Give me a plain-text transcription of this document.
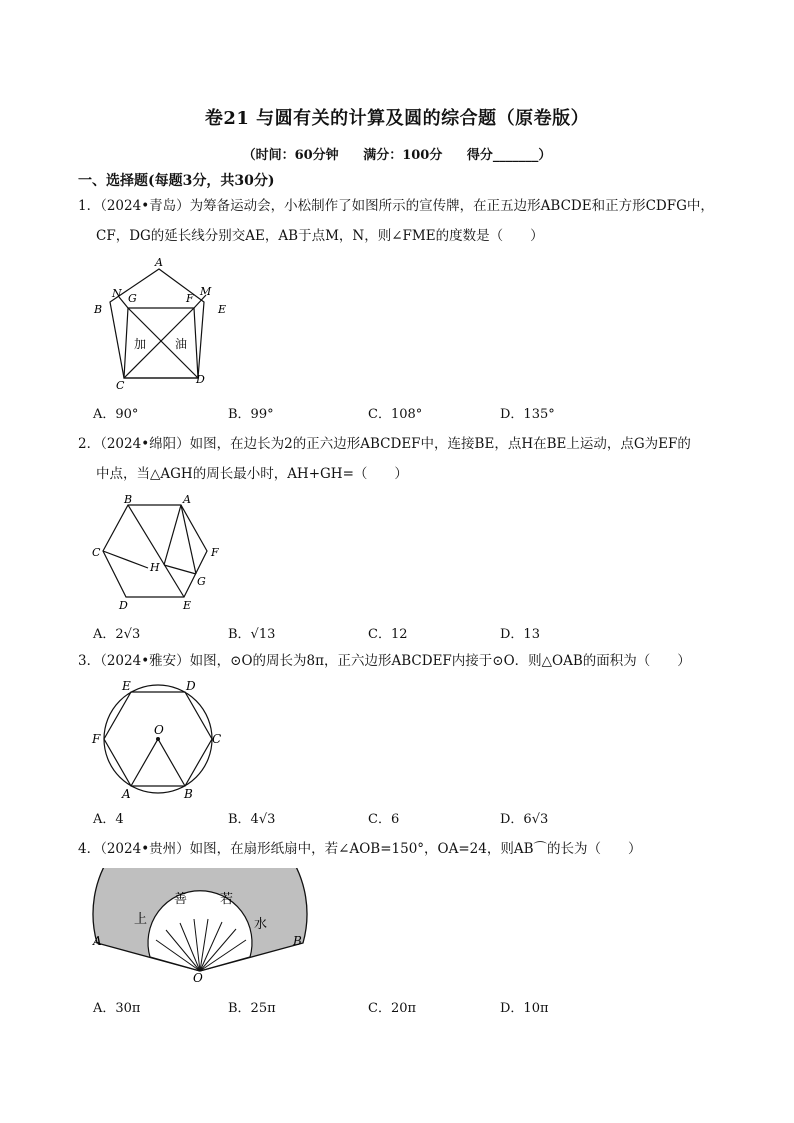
卷21 与圆有关的计算及圆的综合题（原卷版）
（时间：60分钟 满分：100分 得分_______）
一、选择题(每题3分，共30分)
1．（2024•青岛）为筹备运动会，小松制作了如图所示的宣传牌，在正五边形ABCDE和正方形CDFG中，
CF，DG的延长线分别交AE，AB于点M，N，则∠FME的度数是（　　）
A
B
C	D
E
F
G
M
N
加 油
A．90°	B．99°	C．108°	D．135°
2．（2024•绵阳）如图，在边长为2的正六边形ABCDEF中，连接BE，点H在BE上运动，点G为EF的
中点，当△AGH的周长最小时，AH+GH=（　　）
A
B
C
D	E
F
G
H
A．2√3	B．√13	C．12	D．13
3．（2024•雅安）如图，⊙O的周长为8π，正六边形ABCDEF内接于⊙O．则△OAB的面积为（　　）
E	D
F	C
O
A	B
A．4	B．4√3	C．6	D．6√3
4．（2024•贵州）如图，在扇形纸扇中，若∠AOB=150°，OA=24，则AB⌒的长为（　　）
上
善	若
水
A	B
O
A．30π	B．25π	C．20π	D．10π
